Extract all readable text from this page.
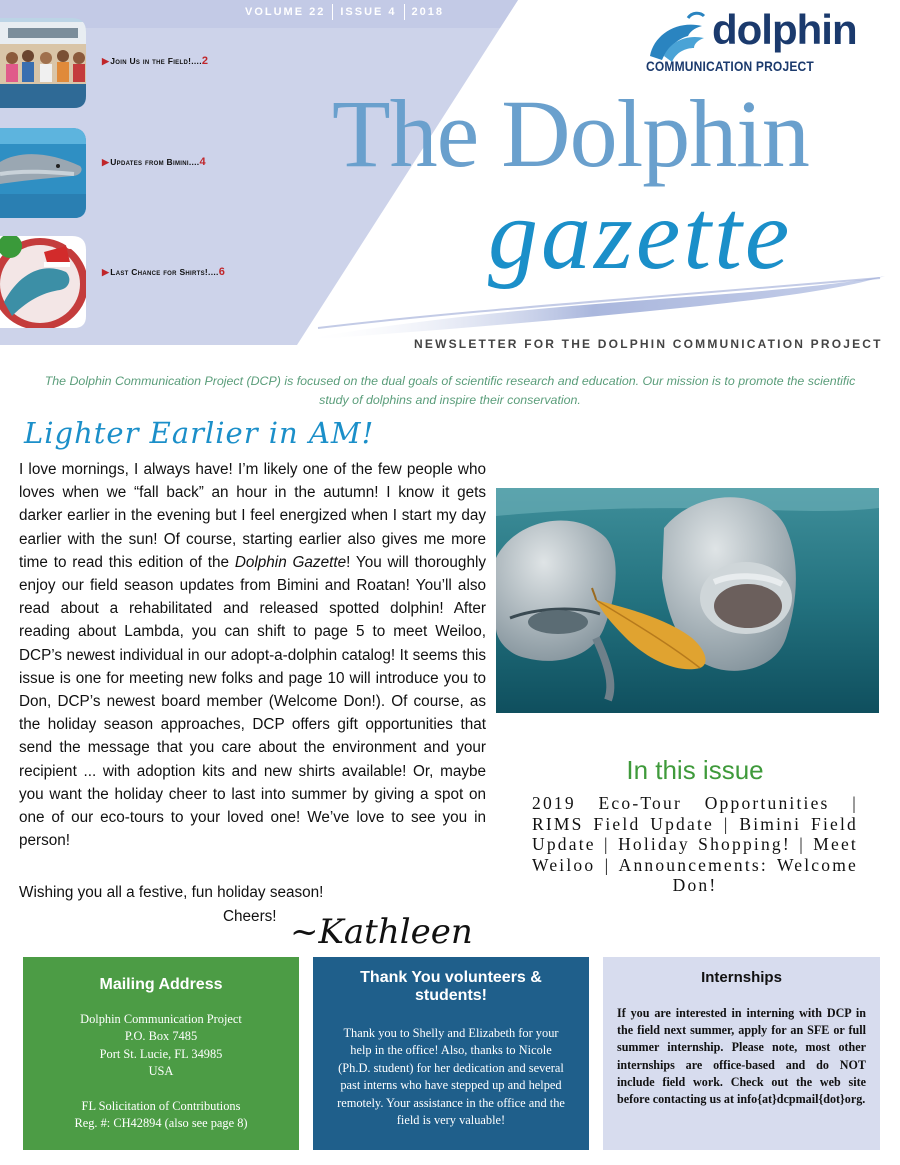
VOLUME 22	ISSUE 4	2018
▶Join Us in the Field!....2
▶Updates from Bimini....4
▶Last Chance for Shirts!....6
dolphin
COMMUNICATION PROJECT
The Dolphin
gazette
NEWSLETTER FOR THE DOLPHIN COMMUNICATION PROJECT
The Dolphin Communication Project (DCP) is focused on the dual goals of scientific research and education. Our mission is to promote the scientific study of dolphins and inspire their conservation.
Lighter Earlier in AM!
I love mornings, I always have! I’m likely one of the few people who loves when we “fall back” an hour in the autumn! I know it gets darker earlier in the evening but I feel energized when I start my day earlier with the sun! Of course, starting earlier also gives me more time to read this edition of the Dolphin Gazette! You will thoroughly enjoy our field season updates from Bimini and Roatan! You’ll also read about a rehabilitated and released spotted dolphin! After reading about Lambda, you can shift to page 5 to meet Weiloo, DCP’s newest individual in our adopt-a-dolphin catalog! It seems this issue is one for meeting new folks and page 10 will introduce you to Don, DCP’s newest board member (Welcome Don!). Of course, as the holiday season approaches, DCP offers gift opportunities that send the message that you care about the environment and your recipient ... with adoption kits and new shirts available! Or, maybe you want the holiday cheer to last into summer by giving a spot on one of our eco-tours to your loved one! We’ve love to see you in person!
Wishing you all a festive, fun holiday season!
Cheers! ~Kathleen
In this issue
2019 Eco-Tour Opportunities | RIMS Field Update | Bimini Field Update | Holiday Shopping! | Meet Weiloo | Announcements: Welcome Don!
Mailing Address
Dolphin Communication Project
P.O. Box 7485
Port St. Lucie, FL 34985
USA
FL Solicitation of Contributions
Reg. #: CH42894 (also see page 8)
Thank You volunteers & students!
Thank you to Shelly and Elizabeth for your help in the office! Also, thanks to Nicole (Ph.D. student) for her dedication and several past interns who have stepped up and helped remotely. Your assistance in the office and the field is very valuable!
Internships
If you are interested in interning with DCP in the field next summer, apply for an SFE or full summer internship. Please note, most other internships are office-based and do NOT include field work. Check out the web site before contacting us at info{at}dcpmail{dot}org.
